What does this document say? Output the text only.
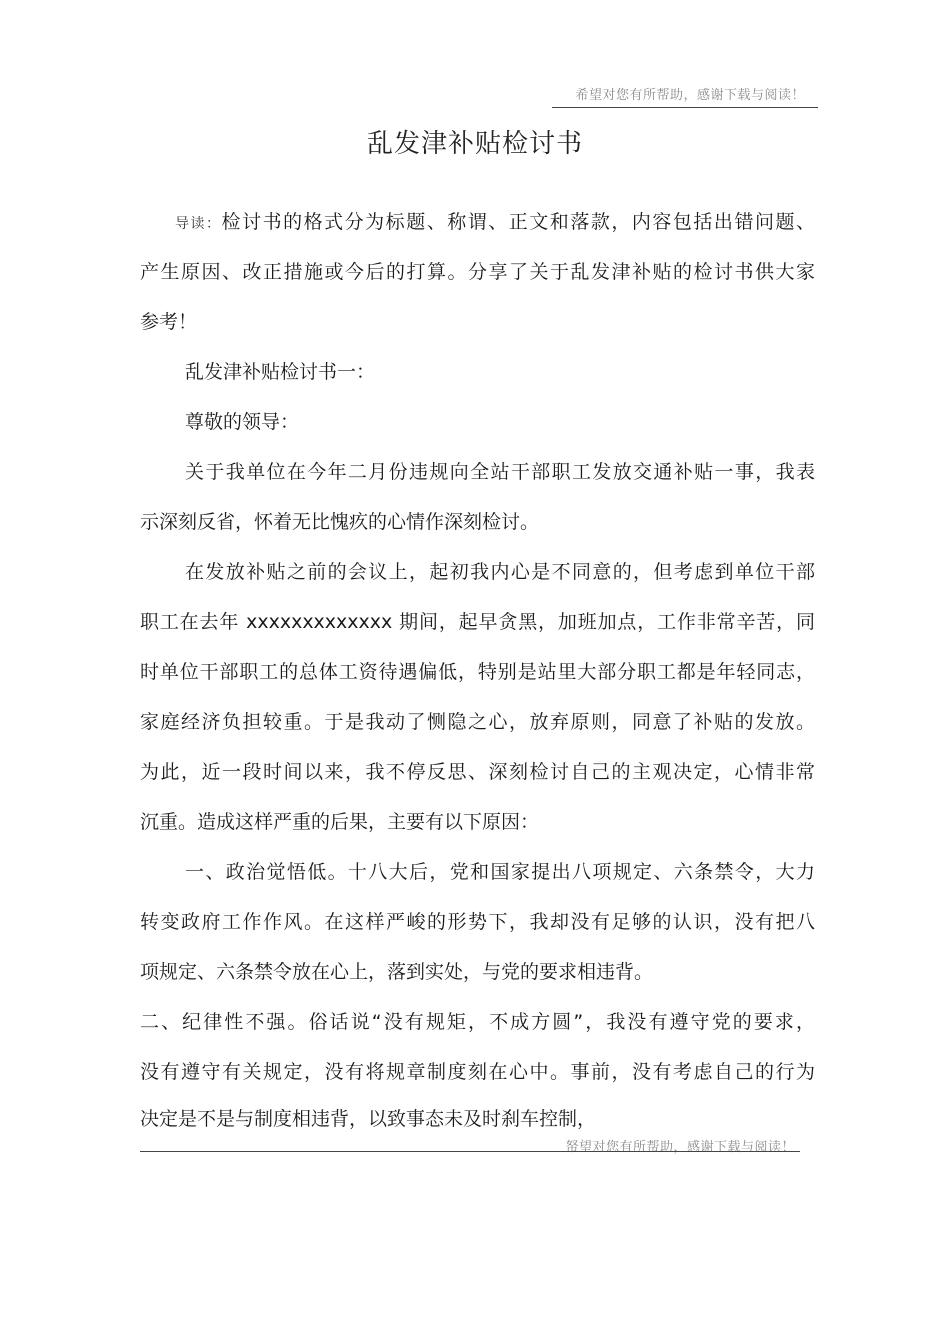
希望对您有所帮助，感谢下载与阅读！
乱发津补贴检讨书
导读：检讨书的格式分为标题、称谓、正文和落款，内容包括出错问题、
产生原因、改正措施或今后的打算。分享了关于乱发津补贴的检讨书供大家
参考！
乱发津补贴检讨书一：
尊敬的领导：
关于我单位在今年二月份违规向全站干部职工发放交通补贴一事，我表
示深刻反省，怀着无比愧疚的心情作深刻检讨。
在发放补贴之前的会议上，起初我内心是不同意的，但考虑到单位干部
职工在去年 xxxxxxxxxxxxx 期间，起早贪黑，加班加点，工作非常辛苦，同
时单位干部职工的总体工资待遇偏低，特别是站里大部分职工都是年轻同志，
家庭经济负担较重。于是我动了恻隐之心，放弃原则，同意了补贴的发放。
为此，近一段时间以来，我不停反思、深刻检讨自己的主观决定，心情非常
沉重。造成这样严重的后果，主要有以下原因：
一、政治觉悟低。十八大后，党和国家提出八项规定、六条禁令，大力
转变政府工作作风。在这样严峻的形势下，我却没有足够的认识，没有把八
项规定、六条禁令放在心上，落到实处，与党的要求相违背。
二、纪律性不强。俗话说“没有规矩，不成方圆”，我没有遵守党的要求，
没有遵守有关规定，没有将规章制度刻在心中。事前，没有考虑自己的行为
决定是不是与制度相违背，以致事态未及时刹车控制，
帑望对您有所帮助，感谢下载与阅读！
